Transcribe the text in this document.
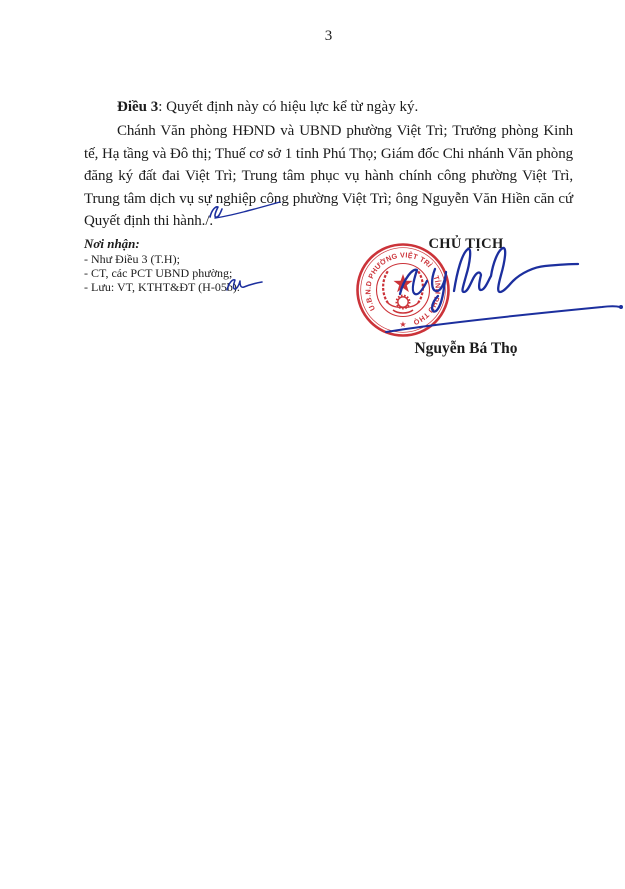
3
Điều 3: Quyết định này có hiệu lực kể từ ngày ký.
Chánh Văn phòng HĐND và UBND phường Việt Trì; Trưởng phòng Kinh tế, Hạ tầng và Đô thị; Thuế cơ sở 1 tỉnh Phú Thọ; Giám đốc Chi nhánh Văn phòng đăng ký đất đai Việt Trì; Trung tâm phục vụ hành chính công phường Việt Trì, Trung tâm dịch vụ sự nghiệp công phường Việt Trì; ông Nguyễn Văn Hiền căn cứ Quyết định thi hành./.
Nơi nhận:
- Như Điều 3 (T.H);
- CT, các PCT UBND phường;
- Lưu: VT, KTHT&ĐT (H-05b).
CHỦ TỊCH
Nguyễn Bá Thọ
U.B.N.D PHƯỜNG VIỆT TRÌ
TỈNH PHÚ THỌ
★
